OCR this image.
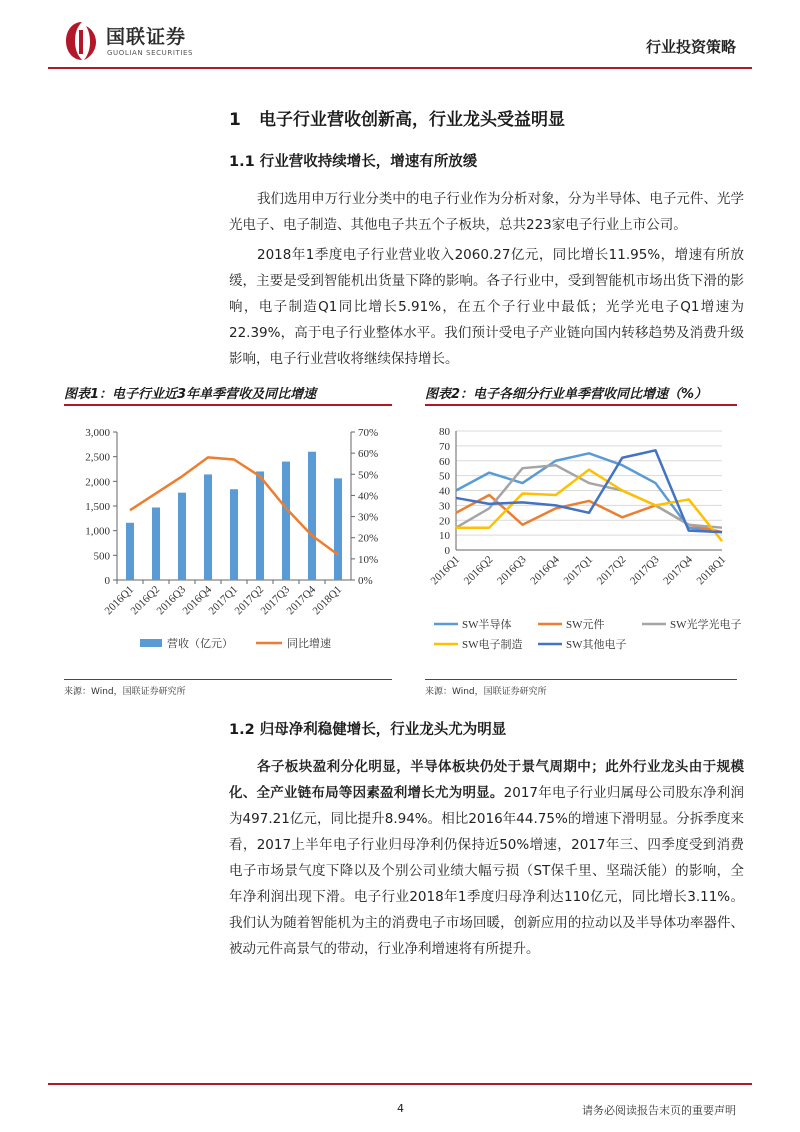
国联证券
GUOLIAN SECURITIES	行业投资策略
1 电子行业营收创新高，行业龙头受益明显
1.1 行业营收持续增长，增速有所放缓

我们选用申万行业分类中的电子行业作为分析对象，分为半导体、电子元件、光学光电子、电子制造、其他电子共五个子板块，总共223家电子行业上市公司。

2018年1季度电子行业营业收入2060.27亿元，同比增长11.95%，增速有所放缓，主要是受到智能机出货量下降的影响。各子行业中，受到智能机市场出货下滑的影响，电子制造Q1同比增长5.91%，在五个子行业中最低；光学光电子Q1增速为22.39%，高于电子行业整体水平。我们预计受电子产业链向国内转移趋势及消费升级影响，电子行业营收将继续保持增长。

图表1：电子行业近3年单季营收及同比增速
0
500
1,000
1,500
2,000
2,500
3,000
0%
10%
20%
30%
40%
50%
60%
70%
2016Q1
2016Q2
2016Q3
2016Q4
2017Q1
2017Q2
2017Q3
2017Q4
2018Q1
营收（亿元）	同比增速
来源：Wind，国联证券研究所
图表2：电子各细分行业单季营收同比增速（%）
0
10
20
30
40
50
60
70
80
2016Q1 2016Q2 2016Q3 2016Q4 2017Q1 2017Q2 2017Q3 2017Q4 2018Q1
SW半导体	SW元件	SW光学光电子
SW电子制造	SW其他电子
来源：Wind，国联证券研究所
1.2 归母净利稳健增长，行业龙头尤为明显

各子板块盈利分化明显，半导体板块仍处于景气周期中；此外行业龙头由于规模化、全产业链布局等因素盈利增长尤为明显。2017年电子行业归属母公司股东净利润为497.21亿元，同比提升8.94%。相比2016年44.75%的增速下滑明显。分拆季度来看，2017上半年电子行业归母净利仍保持近50%增速，2017年三、四季度受到消费电子市场景气度下降以及个别公司业绩大幅亏损（ST保千里、坚瑞沃能）的影响，全年净利润出现下滑。电子行业2018年1季度归母净利达110亿元，同比增长3.11%。我们认为随着智能机为主的消费电子市场回暖，创新应用的拉动以及半导体功率器件、被动元件高景气的带动，行业净利增速将有所提升。

4	请务必阅读报告末页的重要声明
